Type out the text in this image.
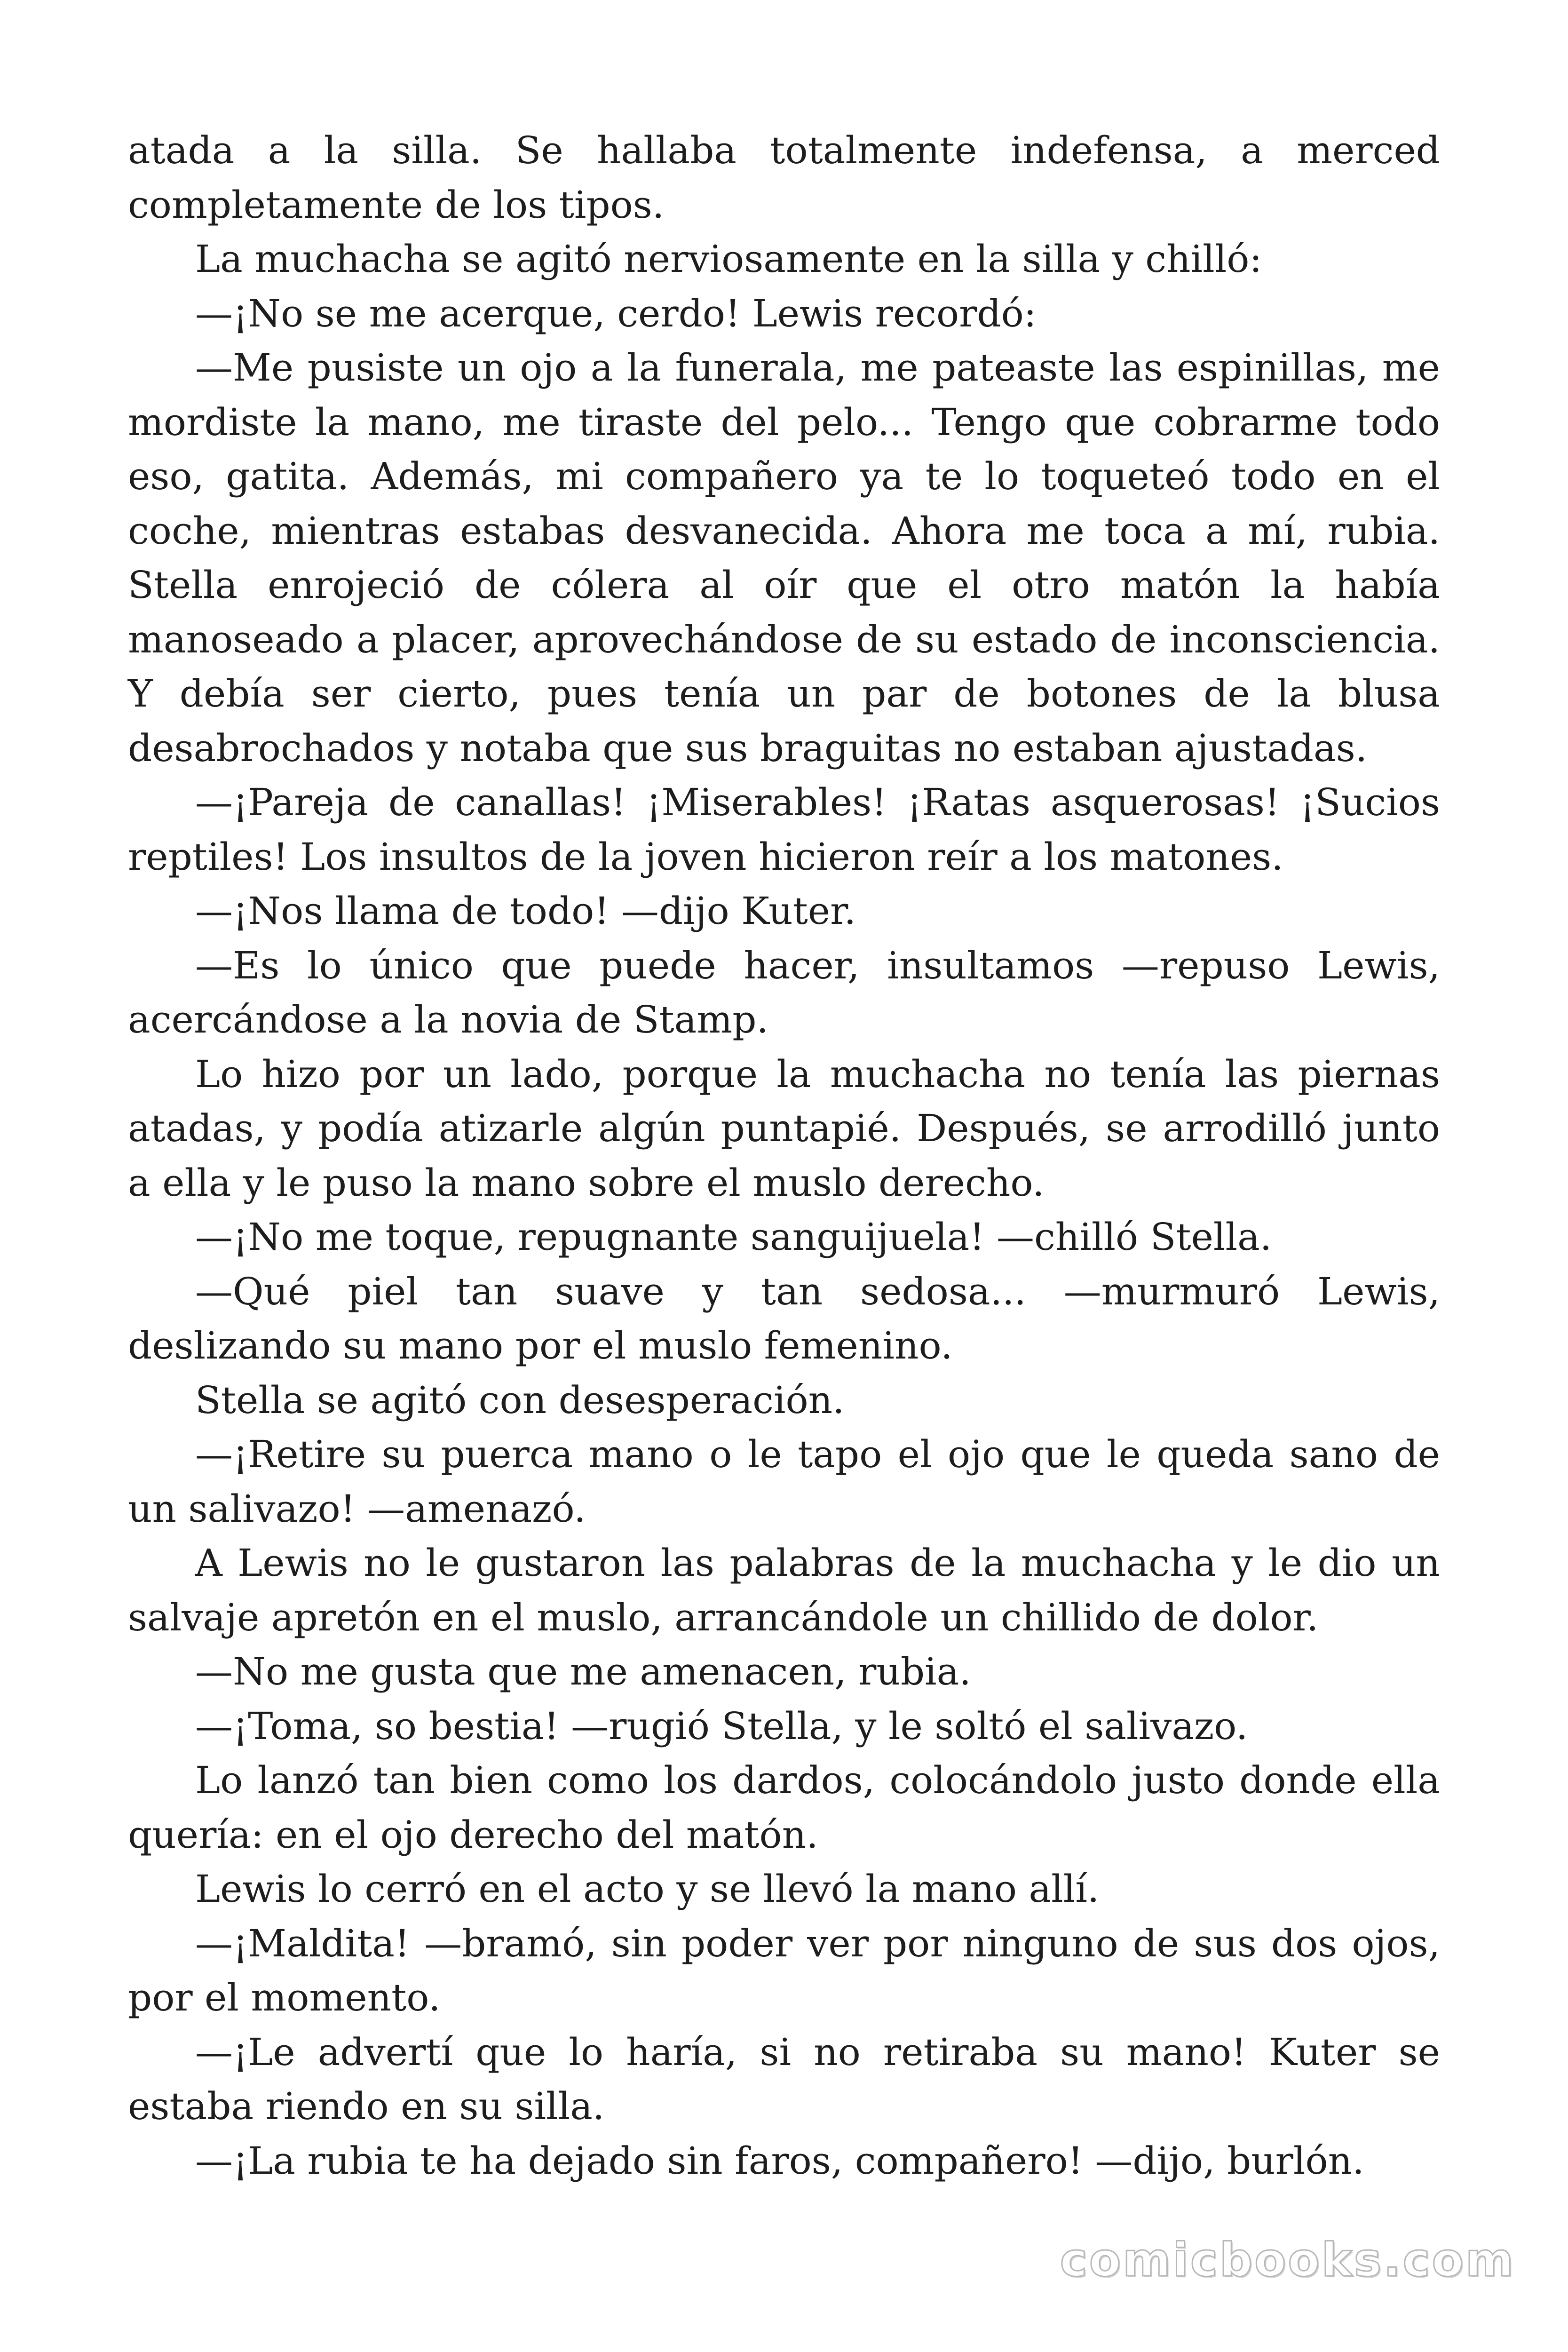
atada a la silla. Se hallaba totalmente indefensa, a merced completamente de los tipos.

La muchacha se agitó nerviosamente en la silla y chilló:

—¡No se me acerque, cerdo! Lewis recordó:

—Me pusiste un ojo a la funerala, me pateaste las espinillas, me mordiste la mano, me tiraste del pelo... Tengo que cobrarme todo eso, gatita. Además, mi compañero ya te lo toqueteó todo en el coche, mientras estabas desvanecida. Ahora me toca a mí, rubia. Stella enrojeció de cólera al oír que el otro matón la había manoseado a placer, aprovechándose de su estado de inconsciencia. Y debía ser cierto, pues tenía un par de botones de la blusa desabrochados y notaba que sus braguitas no estaban ajustadas.

—¡Pareja de canallas! ¡Miserables! ¡Ratas asquerosas! ¡Sucios reptiles! Los insultos de la joven hicieron reír a los matones.

—¡Nos llama de todo! —dijo Kuter.

—Es lo único que puede hacer, insultamos —repuso Lewis, acercándose a la novia de Stamp.

Lo hizo por un lado, porque la muchacha no tenía las piernas atadas, y podía atizarle algún puntapié. Después, se arrodilló junto a ella y le puso la mano sobre el muslo derecho.

—¡No me toque, repugnante sanguijuela! —chilló Stella.

—Qué piel tan suave y tan sedosa... —murmuró Lewis, deslizando su mano por el muslo femenino.

Stella se agitó con desesperación.

—¡Retire su puerca mano o le tapo el ojo que le queda sano de un salivazo! —amenazó.

A Lewis no le gustaron las palabras de la muchacha y le dio un salvaje apretón en el muslo, arrancándole un chillido de dolor.

—No me gusta que me amenacen, rubia.

—¡Toma, so bestia! —rugió Stella, y le soltó el salivazo.

Lo lanzó tan bien como los dardos, colocándolo justo donde ella quería: en el ojo derecho del matón.

Lewis lo cerró en el acto y se llevó la mano allí.

—¡Maldita! —bramó, sin poder ver por ninguno de sus dos ojos, por el momento.

—¡Le advertí que lo haría, si no retiraba su mano! Kuter se estaba riendo en su silla.

—¡La rubia te ha dejado sin faros, compañero! —dijo, burlón.

comicbooks.com
